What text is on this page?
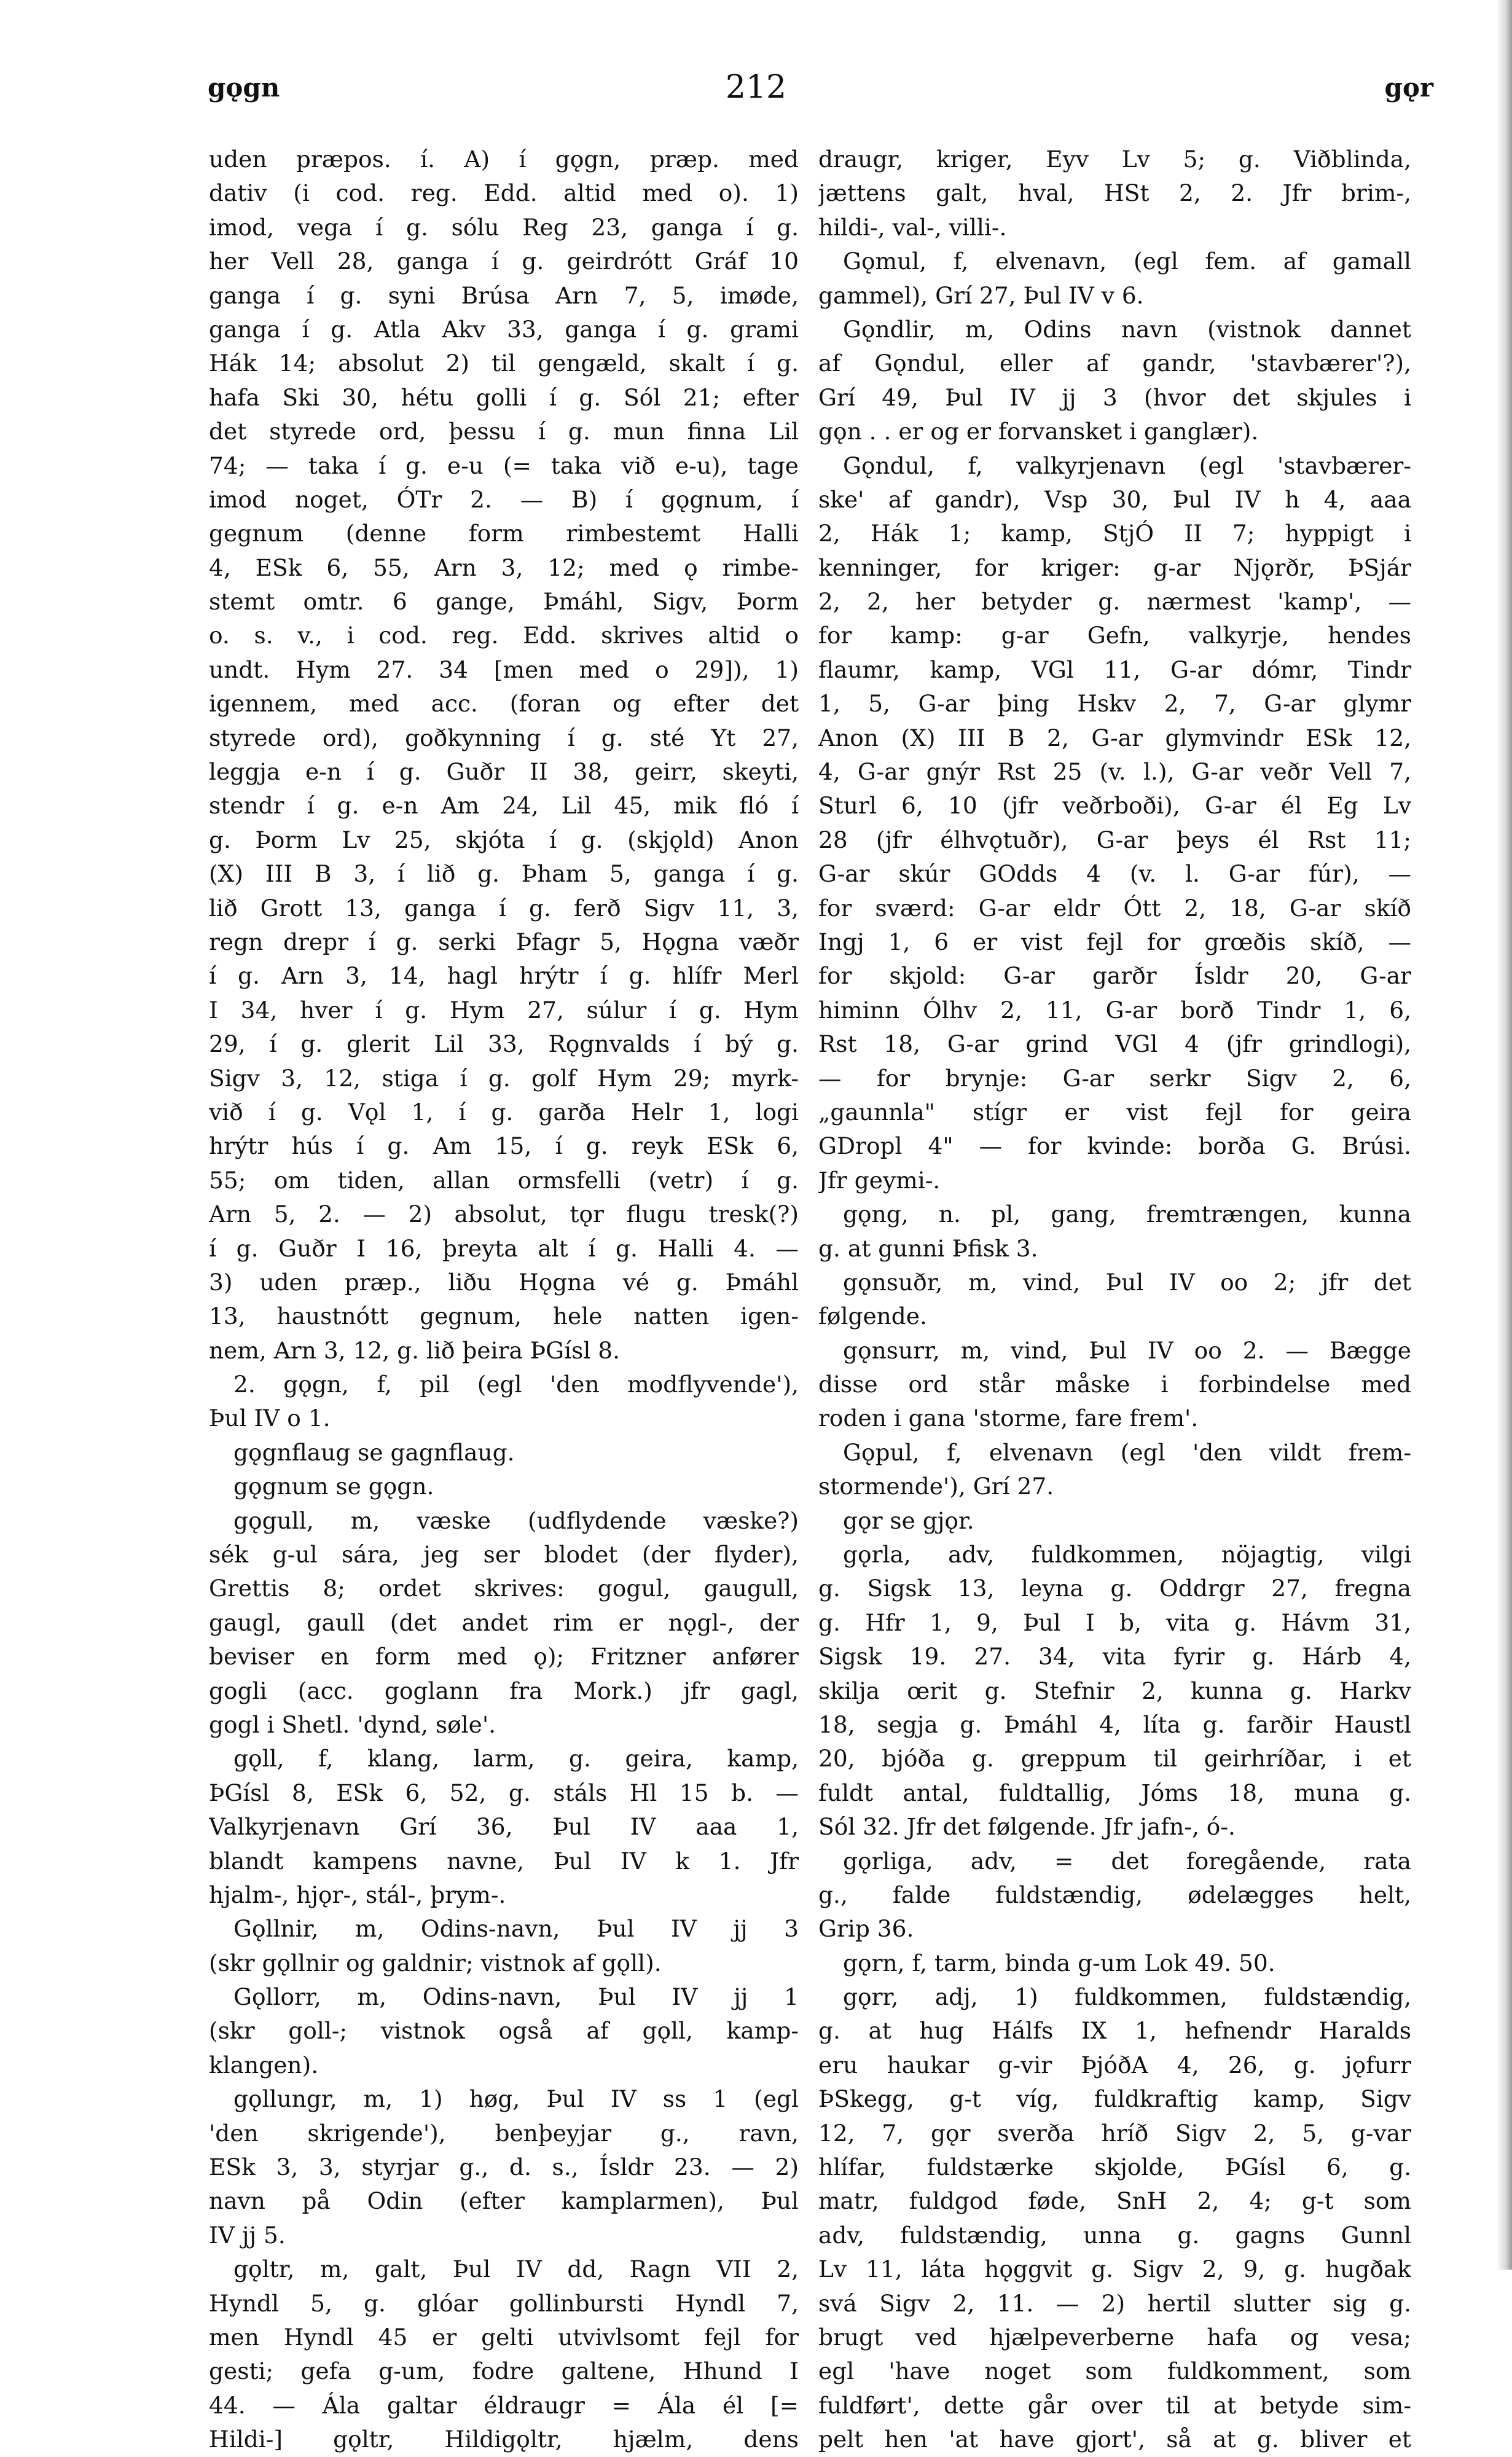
gǫgn	212	gǫr
uden præpos. í. A) í gǫgn, præp. med
dativ (i cod. reg. Edd. altid med o). 1)
imod, vega í g. sólu Reg 23, ganga í g.
her Vell 28, ganga í g. geirdrótt Gráf 10
ganga í g. syni Brúsa Arn 7, 5, imøde,
ganga í g. Atla Akv 33, ganga í g. grami
Hák 14; absolut 2) til gengæld, skalt í g.
hafa Ski 30, hétu golli í g. Sól 21; efter
det styrede ord, þessu í g. mun finna Lil
74; — taka í g. e-u (= taka við e-u), tage
imod noget, ÓTr 2. — B) í gǫgnum, í
gegnum (denne form rimbestemt Halli
4, ESk 6, 55, Arn 3, 12; med ǫ rimbe-
stemt omtr. 6 gange, Þmáhl, Sigv, Þorm
o. s. v., i cod. reg. Edd. skrives altid o
undt. Hym 27. 34 [men med o 29]), 1)
igennem, med acc. (foran og efter det
styrede ord), goðkynning í g. sté Yt 27,
leggja e-n í g. Guðr II 38, geirr, skeyti,
stendr í g. e-n Am 24, Lil 45, mik fló í
g. Þorm Lv 25, skjóta í g. (skjǫld) Anon
(X) III B 3, í lið g. Þham 5, ganga í g.
lið Grott 13, ganga í g. ferð Sigv 11, 3,
regn drepr í g. serki Þfagr 5, Hǫgna væðr
í g. Arn 3, 14, hagl hrýtr í g. hlífr Merl
I 34, hver í g. Hym 27, súlur í g. Hym
29, í g. glerit Lil 33, Rǫgnvalds í bý g.
Sigv 3, 12, stiga í g. golf Hym 29; myrk-
við í g. Vǫl 1, í g. garða Helr 1, logi
hrýtr hús í g. Am 15, í g. reyk ESk 6,
55; om tiden, allan ormsfelli (vetr) í g.
Arn 5, 2. — 2) absolut, tǫr flugu tresk(?)
í g. Guðr I 16, þreyta alt í g. Halli 4. —
3) uden præp., liðu Hǫgna vé g. Þmáhl
13, haustnótt gegnum, hele natten igen-
nem, Arn 3, 12, g. lið þeira ÞGísl 8.
2. gǫgn, f, pil (egl 'den modflyvende'),
Þul IV o 1.
gǫgnflaug se gagnflaug.
gǫgnum se gǫgn.
gǫgull, m, væske (udflydende væske?)
sék g-ul sára, jeg ser blodet (der flyder),
Grettis 8; ordet skrives: gogul, gaugull,
gaugl, gaull (det andet rim er nǫgl-, der
beviser en form med ǫ); Fritzner anfører
gogli (acc. goglann fra Mork.) jfr gagl,
gogl i Shetl. 'dynd, søle'.
gǫll, f, klang, larm, g. geira, kamp,
ÞGísl 8, ESk 6, 52, g. stáls Hl 15 b. —
Valkyrjenavn Grí 36, Þul IV aaa 1,
blandt kampens navne, Þul IV k 1. Jfr
hjalm-, hjǫr-, stál-, þrym-.
Gǫllnir, m, Odins-navn, Þul IV jj 3
(skr gǫllnir og galdnir; vistnok af gǫll).
Gǫllorr, m, Odins-navn, Þul IV jj 1
(skr goll-; vistnok også af gǫll, kamp-
klangen).
gǫllungr, m, 1) høg, Þul IV ss 1 (egl
'den skrigende'), benþeyjar g., ravn,
ESk 3, 3, styrjar g., d. s., Ísldr 23. — 2)
navn på Odin (efter kamplarmen), Þul
IV jj 5.
gǫltr, m, galt, Þul IV dd, Ragn VII 2,
Hyndl 5, g. glóar gollinbursti Hyndl 7,
men Hyndl 45 er gelti utvivlsomt fejl for
gesti; gefa g-um, fodre galtene, Hhund I
44. — Ála galtar éldraugr = Ála él [=
Hildi-] gǫltr, Hildigǫltr, hjælm, dens
draugr, kriger, Eyv Lv 5; g. Viðblinda,
jættens galt, hval, HSt 2, 2. Jfr brim-,
hildi-, val-, villi-.
Gǫmul, f, elvenavn, (egl fem. af gamall
gammel), Grí 27, Þul IV v 6.
Gǫndlir, m, Odins navn (vistnok dannet
af Gǫndul, eller af gandr, 'stavbærer'?),
Grí 49, Þul IV jj 3 (hvor det skjules i
gǫn . . er og er forvansket i ganglær).
Gǫndul, f, valkyrjenavn (egl 'stavbærer-
ske' af gandr), Vsp 30, Þul IV h 4, aaa
2, Hák 1; kamp, StjÓ II 7; hyppigt i
kenninger, for kriger: g-ar Njǫrðr, ÞSjár
2, 2, her betyder g. nærmest 'kamp', —
for kamp: g-ar Gefn, valkyrje, hendes
flaumr, kamp, VGl 11, G-ar dómr, Tindr
1, 5, G-ar þing Hskv 2, 7, G-ar glymr
Anon (X) III B 2, G-ar glymvindr ESk 12,
4, G-ar gnýr Rst 25 (v. l.), G-ar veðr Vell 7,
Sturl 6, 10 (jfr veðrboði), G-ar él Eg Lv
28 (jfr élhvǫtuðr), G-ar þeys él Rst 11;
G-ar skúr GOdds 4 (v. l. G-ar fúr), —
for sværd: G-ar eldr Ótt 2, 18, G-ar skíð
Ingj 1, 6 er vist fejl for grœðis skíð, —
for skjold: G-ar garðr Ísldr 20, G-ar
himinn Ólhv 2, 11, G-ar borð Tindr 1, 6,
Rst 18, G-ar grind VGl 4 (jfr grindlogi),
— for brynje: G-ar serkr Sigv 2, 6,
„gaunnla" stígr er vist fejl for geira
GDropl 4" — for kvinde: borða G. Brúsi.
Jfr geymi-.
gǫng, n. pl, gang, fremtrængen, kunna
g. at gunni Þfisk 3.
gǫnsuðr, m, vind, Þul IV oo 2; jfr det
følgende.
gǫnsurr, m, vind, Þul IV oo 2. — Bægge
disse ord står måske i forbindelse med
roden i gana 'storme, fare frem'.
Gǫpul, f, elvenavn (egl 'den vildt frem-
stormende'), Grí 27.
gǫr se gjǫr.
gǫrla, adv, fuldkommen, nöjagtig, vilgi
g. Sigsk 13, leyna g. Oddrgr 27, fregna
g. Hfr 1, 9, Þul I b, vita g. Hávm 31,
Sigsk 19. 27. 34, vita fyrir g. Hárb 4,
skilja œrit g. Stefnir 2, kunna g. Harkv
18, segja g. Þmáhl 4, líta g. farðir Haustl
20, bjóða g. greppum til geirhríðar, i et
fuldt antal, fuldtallig, Jóms 18, muna g.
Sól 32. Jfr det følgende. Jfr jafn-, ó-.
gǫrliga, adv, = det foregående, rata
g., falde fuldstændig, ødelægges helt,
Grip 36.
gǫrn, f, tarm, binda g-um Lok 49. 50.
gǫrr, adj, 1) fuldkommen, fuldstændig,
g. at hug Hálfs IX 1, hefnendr Haralds
eru haukar g-vir ÞjóðA 4, 26, g. jǫfurr
ÞSkegg, g-t víg, fuldkraftig kamp, Sigv
12, 7, gǫr sverða hríð Sigv 2, 5, g-var
hlífar, fuldstærke skjolde, ÞGísl 6, g.
matr, fuldgod føde, SnH 2, 4; g-t som
adv, fuldstændig, unna g. gagns Gunnl
Lv 11, láta hǫggvit g. Sigv 2, 9, g. hugðak
svá Sigv 2, 11. — 2) hertil slutter sig g.
brugt ved hjælpeverberne hafa og vesa;
egl 'have noget som fuldkomment, som
fuldført', dette går over til at betyde sim-
pelt hen 'at have gjort', så at g. bliver et
